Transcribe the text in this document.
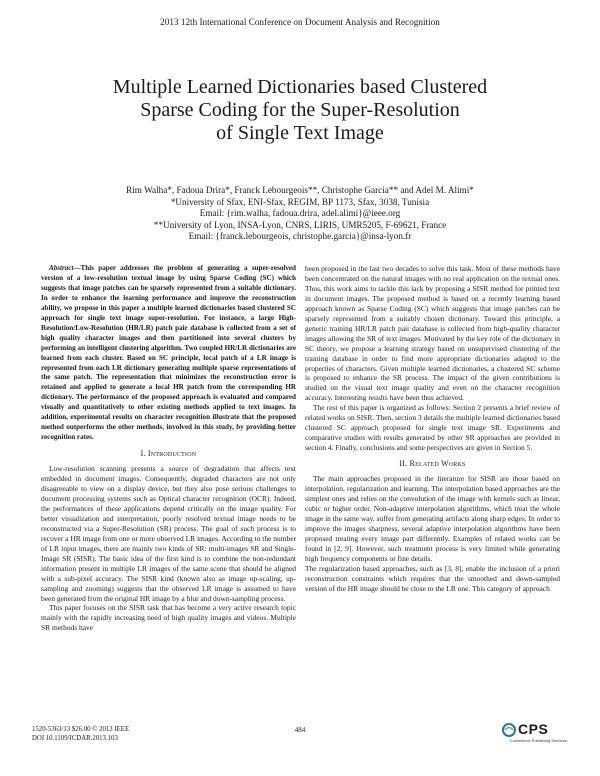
2013 12th International Conference on Document Analysis and Recognition
Multiple Learned Dictionaries based Clustered
Sparse Coding for the Super-Resolution
of Single Text Image
Rim Walha*, Fadoua Drira*, Franck Lebourgeois**, Christophe Garcia** and Adel M. Alimi*
*University of Sfax, ENI-Sfax, REGIM, BP 1173, Sfax, 3038, Tunisia
Email: {rim.walha, fadoua.drira, adel.alimi}@ieee.org
**University of Lyon, INSA-Lyon, CNRS, LIRIS, UMR5205, F-69621, France
Email: {franck.lebourgeois, christophe.garcia}@insa-lyon.fr

Abstract—This paper addresses the problem of generating a super-resolved version of a low-resolution textual image by using Sparse Coding (SC) which suggests that image patches can be sparsely represented from a suitable dictionary. In order to enhance the learning performance and improve the reconstruction ability, we propose in this paper a multiple learned dictionaries based clustered SC approach for single text image super-resolution. For instance, a large High-Resolution/Low-Resolution (HR/LR) patch pair database is collected from a set of high quality character images and then partitioned into several clusters by performing an intelligent clustering algorithm. Two coupled HR/LR dictionaries are learned from each cluster. Based on SC principle, local patch of a LR image is represented from each LR dictionary generating multiple sparse representations of the same patch. The representation that minimizes the reconstruction error is retained and applied to generate a local HR patch from the corresponding HR dictionary. The performance of the proposed approach is evaluated and compared visually and quantitatively to other existing methods applied to text images. In addition, experimental results on character recognition illustrate that the proposed method outperforms the other methods, involved in this study, by providing better recognition rates.

I. Introduction

Low-resolution scanning presents a source of degradation that affects text embedded in document images. Consequently, degraded characters are not only disagreeable to view on a display device, but they also pose serious challenges to document processing systems such as Optical character recognition (OCR). Indeed, the performances of these applications depend critically on the image quality. For better visualization and interpretation, poorly resolved textual image needs to be reconstructed via a Super-Resolution (SR) process. The goal of such process is to recover a HR image from one or more observed LR images. According to the number of LR input images, there are mainly two kinds of SR: multi-images SR and Single-Image SR (SISR). The basic idea of the first kind is to combine the non-redundant information present in multiple LR images of the same scene that should be aligned with a sub-pixel accuracy. The SISR kind (known also as image up-scaling, up-sampling and zooming) suggests that the observed LR image is assumed to have been generated from the original HR image by a blur and down-sampling process.

This paper focuses on the SISR task that has become a very active research topic mainly with the rapidly increasing need of high quality images and videos. Multiple SR methods have

been proposed in the last two decades to solve this task. Most of these methods have been concentrated on the natural images with no real application on the textual ones. Thus, this work aims to tackle this lack by proposing a SISR method for printed text in document images. The proposed method is based on a recently learning based approach known as Sparse Coding (SC) which suggests that image patches can be sparsely represented from a suitably chosen dictionary. Toward this principle, a generic training HR/LR patch pair database is collected from high-quality character images allowing the SR of text images. Motivated by the key role of the dictionary in SC theory, we propose a learning strategy based on unsupervised clustering of the training database in order to find more appropriate dictionaries adapted to the properties of characters. Given multiple learned dictionaries, a clustered SC scheme is proposed to enhance the SR process. The impact of the given contributions is studied on the visual text image quality and even on the character recognition accuracy. Interesting results have been thus achieved.

The rest of this paper is organized as follows: Section 2 presents a brief review of related works on SISR. Then, section 3 details the multiple learned dictionaries based clustered SC approach proposed for single text image SR. Experiments and comparative studies with results generated by other SR approaches are provided in section 4. Finally, conclusions and some perspectives are given in Section 5.

II. Related Works

The main approaches proposed in the literature for SISR are those based on interpolation, regularization and learning. The interpolation based approaches are the simplest ones and relies on the convolution of the image with kernels such as linear, cubic or higher order. Non-adaptive interpolation algorithms, which treat the whole image in the same way, suffer from generating artifacts along sharp edges. In order to improve the images sharpness, several adaptive interpolation algorithms have been proposed treating every image part differently. Examples of related works can be found in [2, 9]. However, such treatment process is very limited while generating high frequency components or fine details.

The regularization based approaches, such as [3, 8], enable the inclusion of a priori reconstruction constraints which requires that the smoothed and down-sampled version of the HR image should be close to the LR one. This category of approach

1520-5363/13 $26.00 © 2013 IEEE
DOI 10.1109/ICDAR.2013.103
484	CPS
Conference Publishing Services
